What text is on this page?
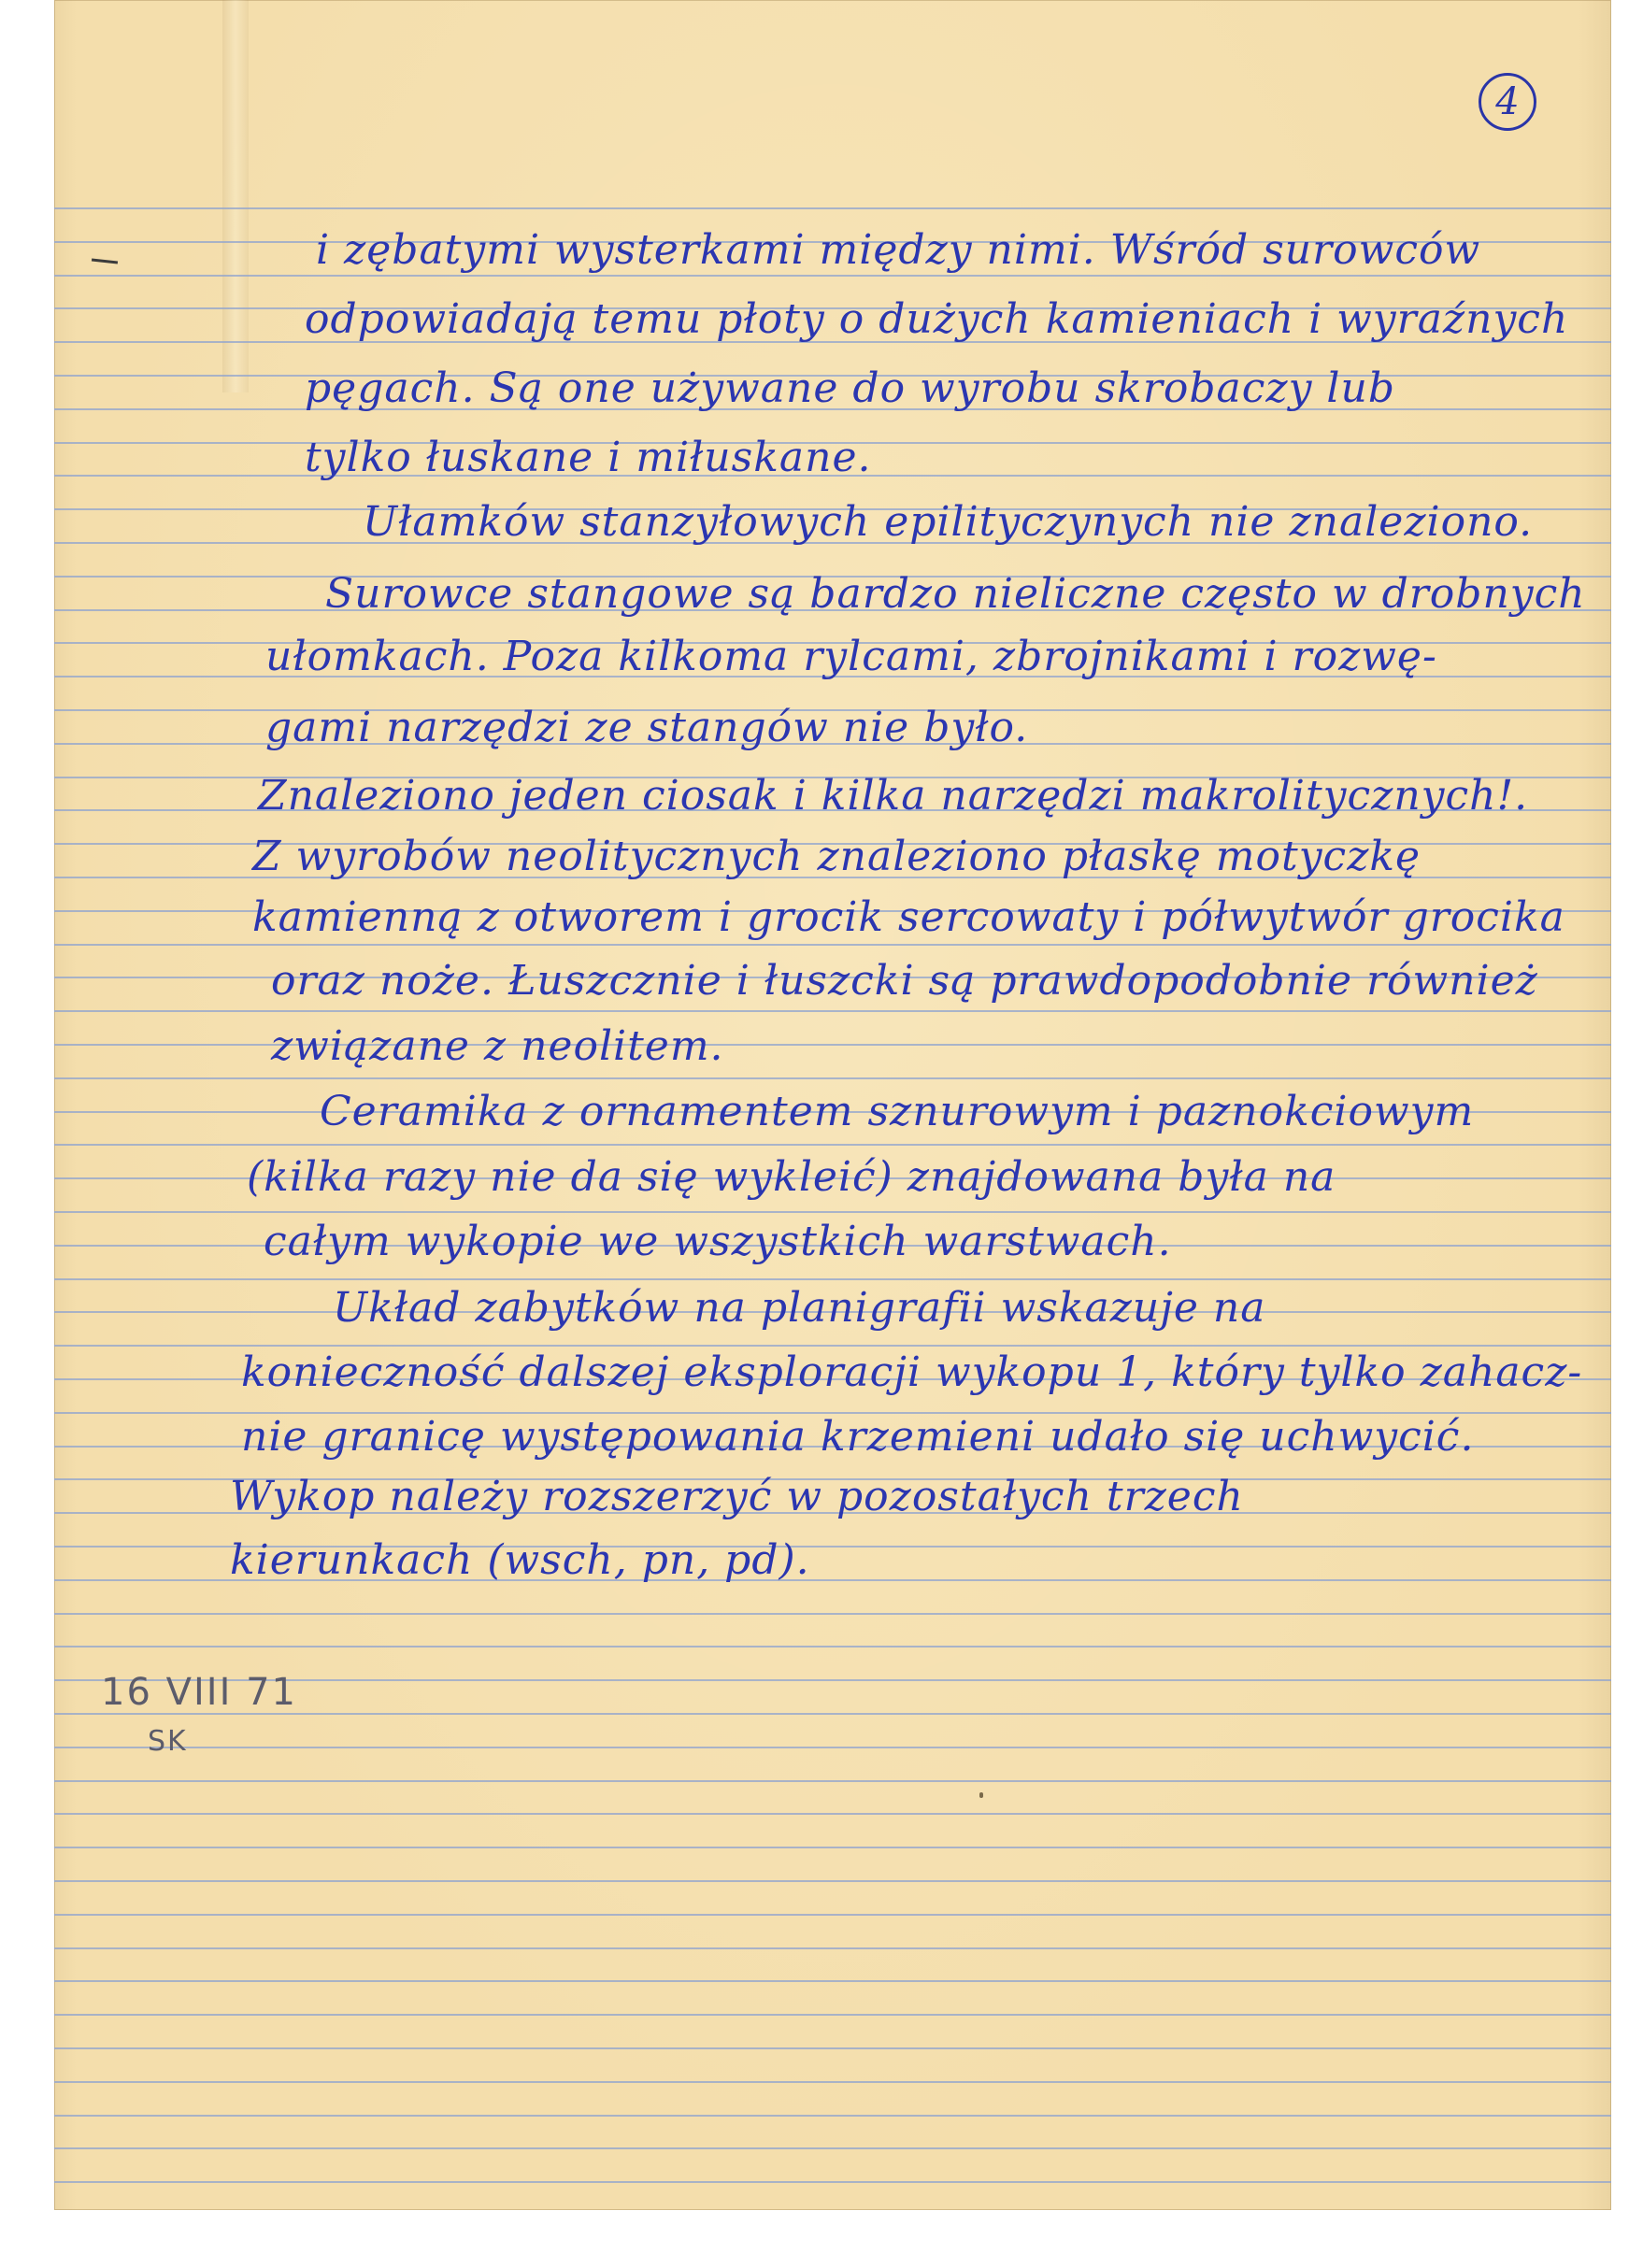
4
i zębatymi wysterkami między nimi. Wśród surowców
odpowiadają temu płoty o dużych kamieniach i wyraźnych
pęgach. Są one używane do wyrobu skrobaczy lub
tylko łuskane i miłuskane.
Ułamków stanzyłowych epilityczynych nie znaleziono.
Surowce stangowe są bardzo nieliczne często w drobnych
ułomkach. Poza kilkoma rylcami, zbrojnikami i rozwę-
gami narzędzi ze stangów nie było.
Znaleziono jeden ciosak i kilka narzędzi makrolitycznych!.
Z wyrobów neolitycznych znaleziono płaskę motyczkę
kamienną z otworem i grocik sercowaty i półwytwór grocika
oraz noże. Łuszcznie i łuszcki są prawdopodobnie również
związane z neolitem.
Ceramika z ornamentem sznurowym i paznokciowym
(kilka razy nie da się wykleić) znajdowana była na
całym wykopie we wszystkich warstwach.
Układ zabytków na planigrafii wskazuje na
konieczność dalszej eksploracji wykopu 1, który tylko zahacz-
nie granicę występowania krzemieni udało się uchwycić.
Wykop należy rozszerzyć w pozostałych trzech
kierunkach (wsch, pn, pd).
16 VIII 71
SK
